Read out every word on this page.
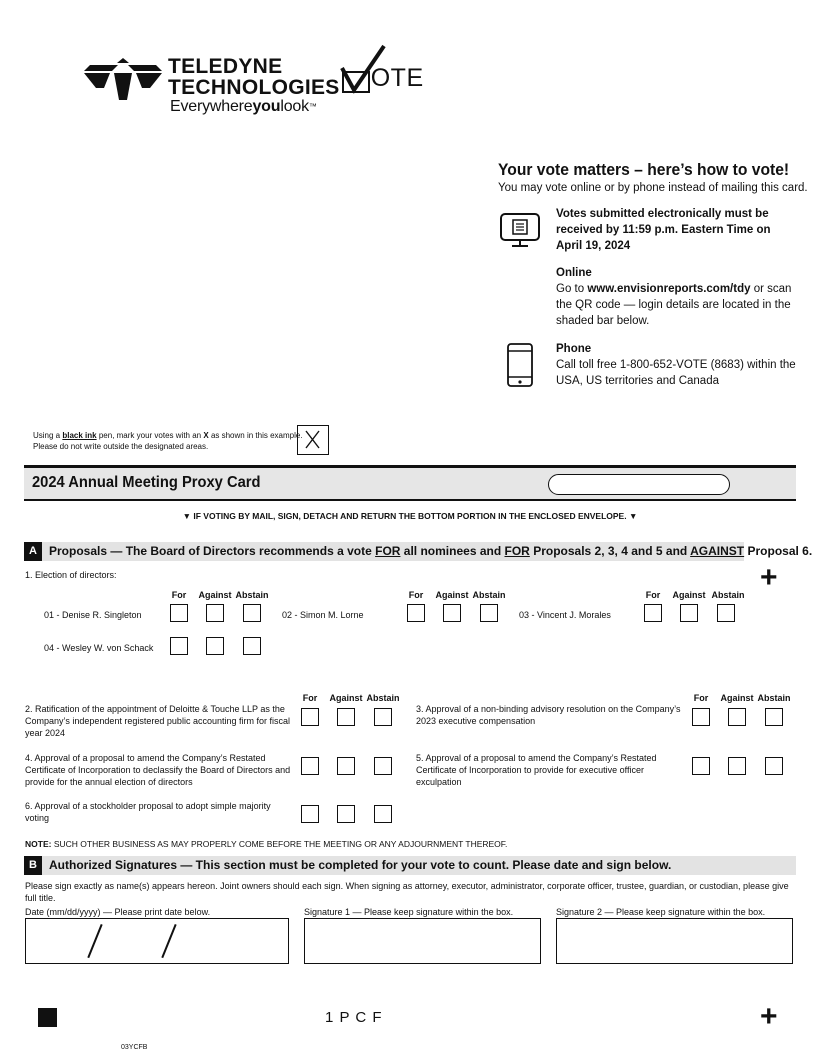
TELEDYNE
TECHNOLOGIES
Everywhereyoulook™
OTE
Your vote matters – here’s how to vote!
You may vote online or by phone instead of mailing this card.
Votes submitted electronically must be received by 11:59 p.m. Eastern Time on April 19, 2024
Online
Go to www.envisionreports.com/tdy or scan the QR code — login details are located in the shaded bar below.
Phone
Call toll free 1-800-652-VOTE (8683) within the USA, US territories and Canada
Using a black ink pen, mark your votes with an X as shown in this example.
Please do not write outside the designated areas.
2024 Annual Meeting Proxy Card
▼ IF VOTING BY MAIL, SIGN, DETACH AND RETURN THE BOTTOM PORTION IN THE ENCLOSED ENVELOPE. ▼
A	Proposals — The Board of Directors recommends a vote FOR all nominees and FOR Proposals 2, 3, 4 and 5 and AGAINST Proposal 6.
+
1. Election of directors:
For	Against Abstain	For	Against Abstain	For	Against Abstain
01 - Denise R. Singleton	02 - Simon M. Lorne	03 - Vincent J. Morales
04 - Wesley W. von Schack
For	Against Abstain	For	Against Abstain
2. Ratification of the appointment of Deloitte & Touche LLP as the Company’s independent registered public accounting firm for fiscal year 2024
3. Approval of a non-binding advisory resolution on the Company’s 2023 executive compensation
4. Approval of a proposal to amend the Company’s Restated Certificate of Incorporation to declassify the Board of Directors and provide for the annual election of directors
5. Approval of a proposal to amend the Company’s Restated Certificate of Incorporation to provide for executive officer exculpation
6. Approval of a stockholder proposal to adopt simple majority voting
NOTE: SUCH OTHER BUSINESS AS MAY PROPERLY COME BEFORE THE MEETING OR ANY ADJOURNMENT THEREOF.
B	Authorized Signatures — This section must be completed for your vote to count. Please date and sign below.
Please sign exactly as name(s) appears hereon. Joint owners should each sign. When signing as attorney, executor, administrator, corporate officer, trustee, guardian, or custodian, please give full title.
Date (mm/dd/yyyy) — Please print date below.	Signature 1 — Please keep signature within the box.	Signature 2 — Please keep signature within the box.
1 P C F	+
03YCFB
